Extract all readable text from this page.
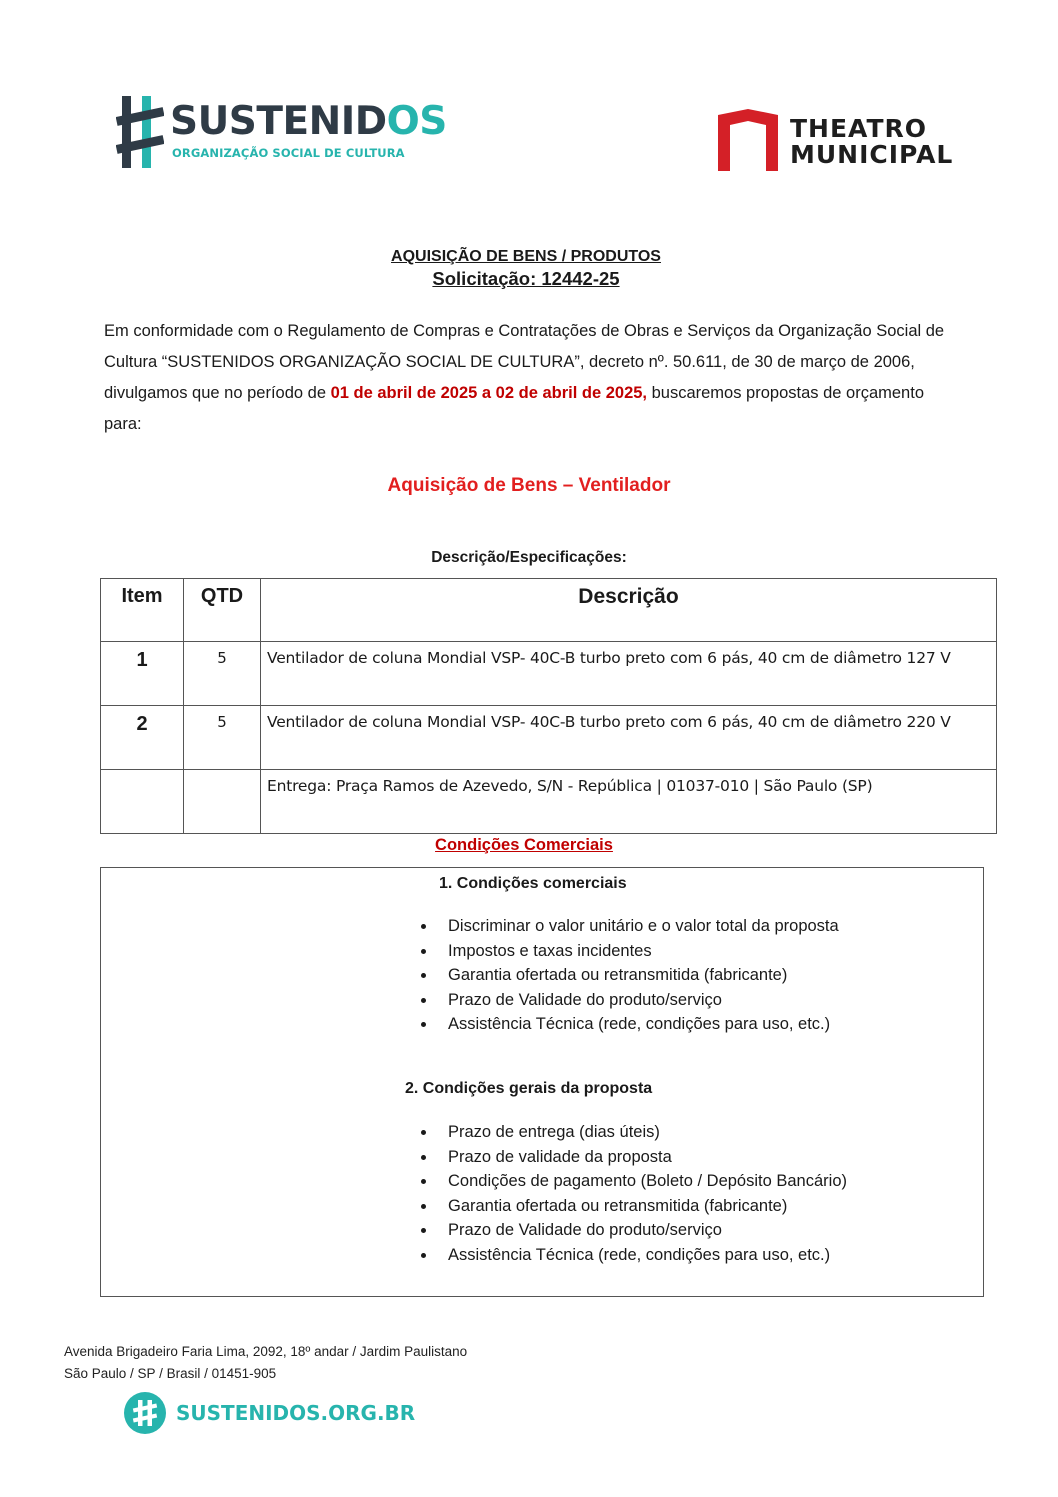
SUSTENIDOS
ORGANIZAÇÃO SOCIAL DE CULTURA
THEATRO
MUNICIPAL
AQUISIÇÃO DE BENS / PRODUTOS
Solicitação: 12442-25
Em conformidade com o Regulamento de Compras e Contratações de Obras e Serviços da Organização Social de Cultura “SUSTENIDOS ORGANIZAÇÃO SOCIAL DE CULTURA”, decreto nº. 50.611, de 30 de março de 2006, divulgamos que no período de 01 de abril de 2025 a 02 de abril de 2025, buscaremos propostas de orçamento para:
Aquisição de Bens – Ventilador
Descrição/Especificações:
Item	QTD	Descrição
1	5	Ventilador de coluna Mondial VSP- 40C-B turbo preto com 6 pás, 40 cm de diâmetro 127 V
2	5	Ventilador de coluna Mondial VSP- 40C-B turbo preto com 6 pás, 40 cm de diâmetro 220 V
		Entrega: Praça Ramos de Azevedo, S/N - República | 01037-010 | São Paulo (SP)
Condições Comerciais
1. Condições comerciais
Discriminar o valor unitário e o valor total da proposta
Impostos e taxas incidentes
Garantia ofertada ou retransmitida (fabricante)
Prazo de Validade do produto/serviço
Assistência Técnica (rede, condições para uso, etc.)
2. Condições gerais da proposta
Prazo de entrega (dias úteis)
Prazo de validade da proposta
Condições de pagamento (Boleto / Depósito Bancário)
Garantia ofertada ou retransmitida (fabricante)
Prazo de Validade do produto/serviço
Assistência Técnica (rede, condições para uso, etc.)
Avenida Brigadeiro Faria Lima, 2092, 18º andar / Jardim Paulistano
São Paulo / SP / Brasil / 01451-905
SUSTENIDOS.ORG.BR
